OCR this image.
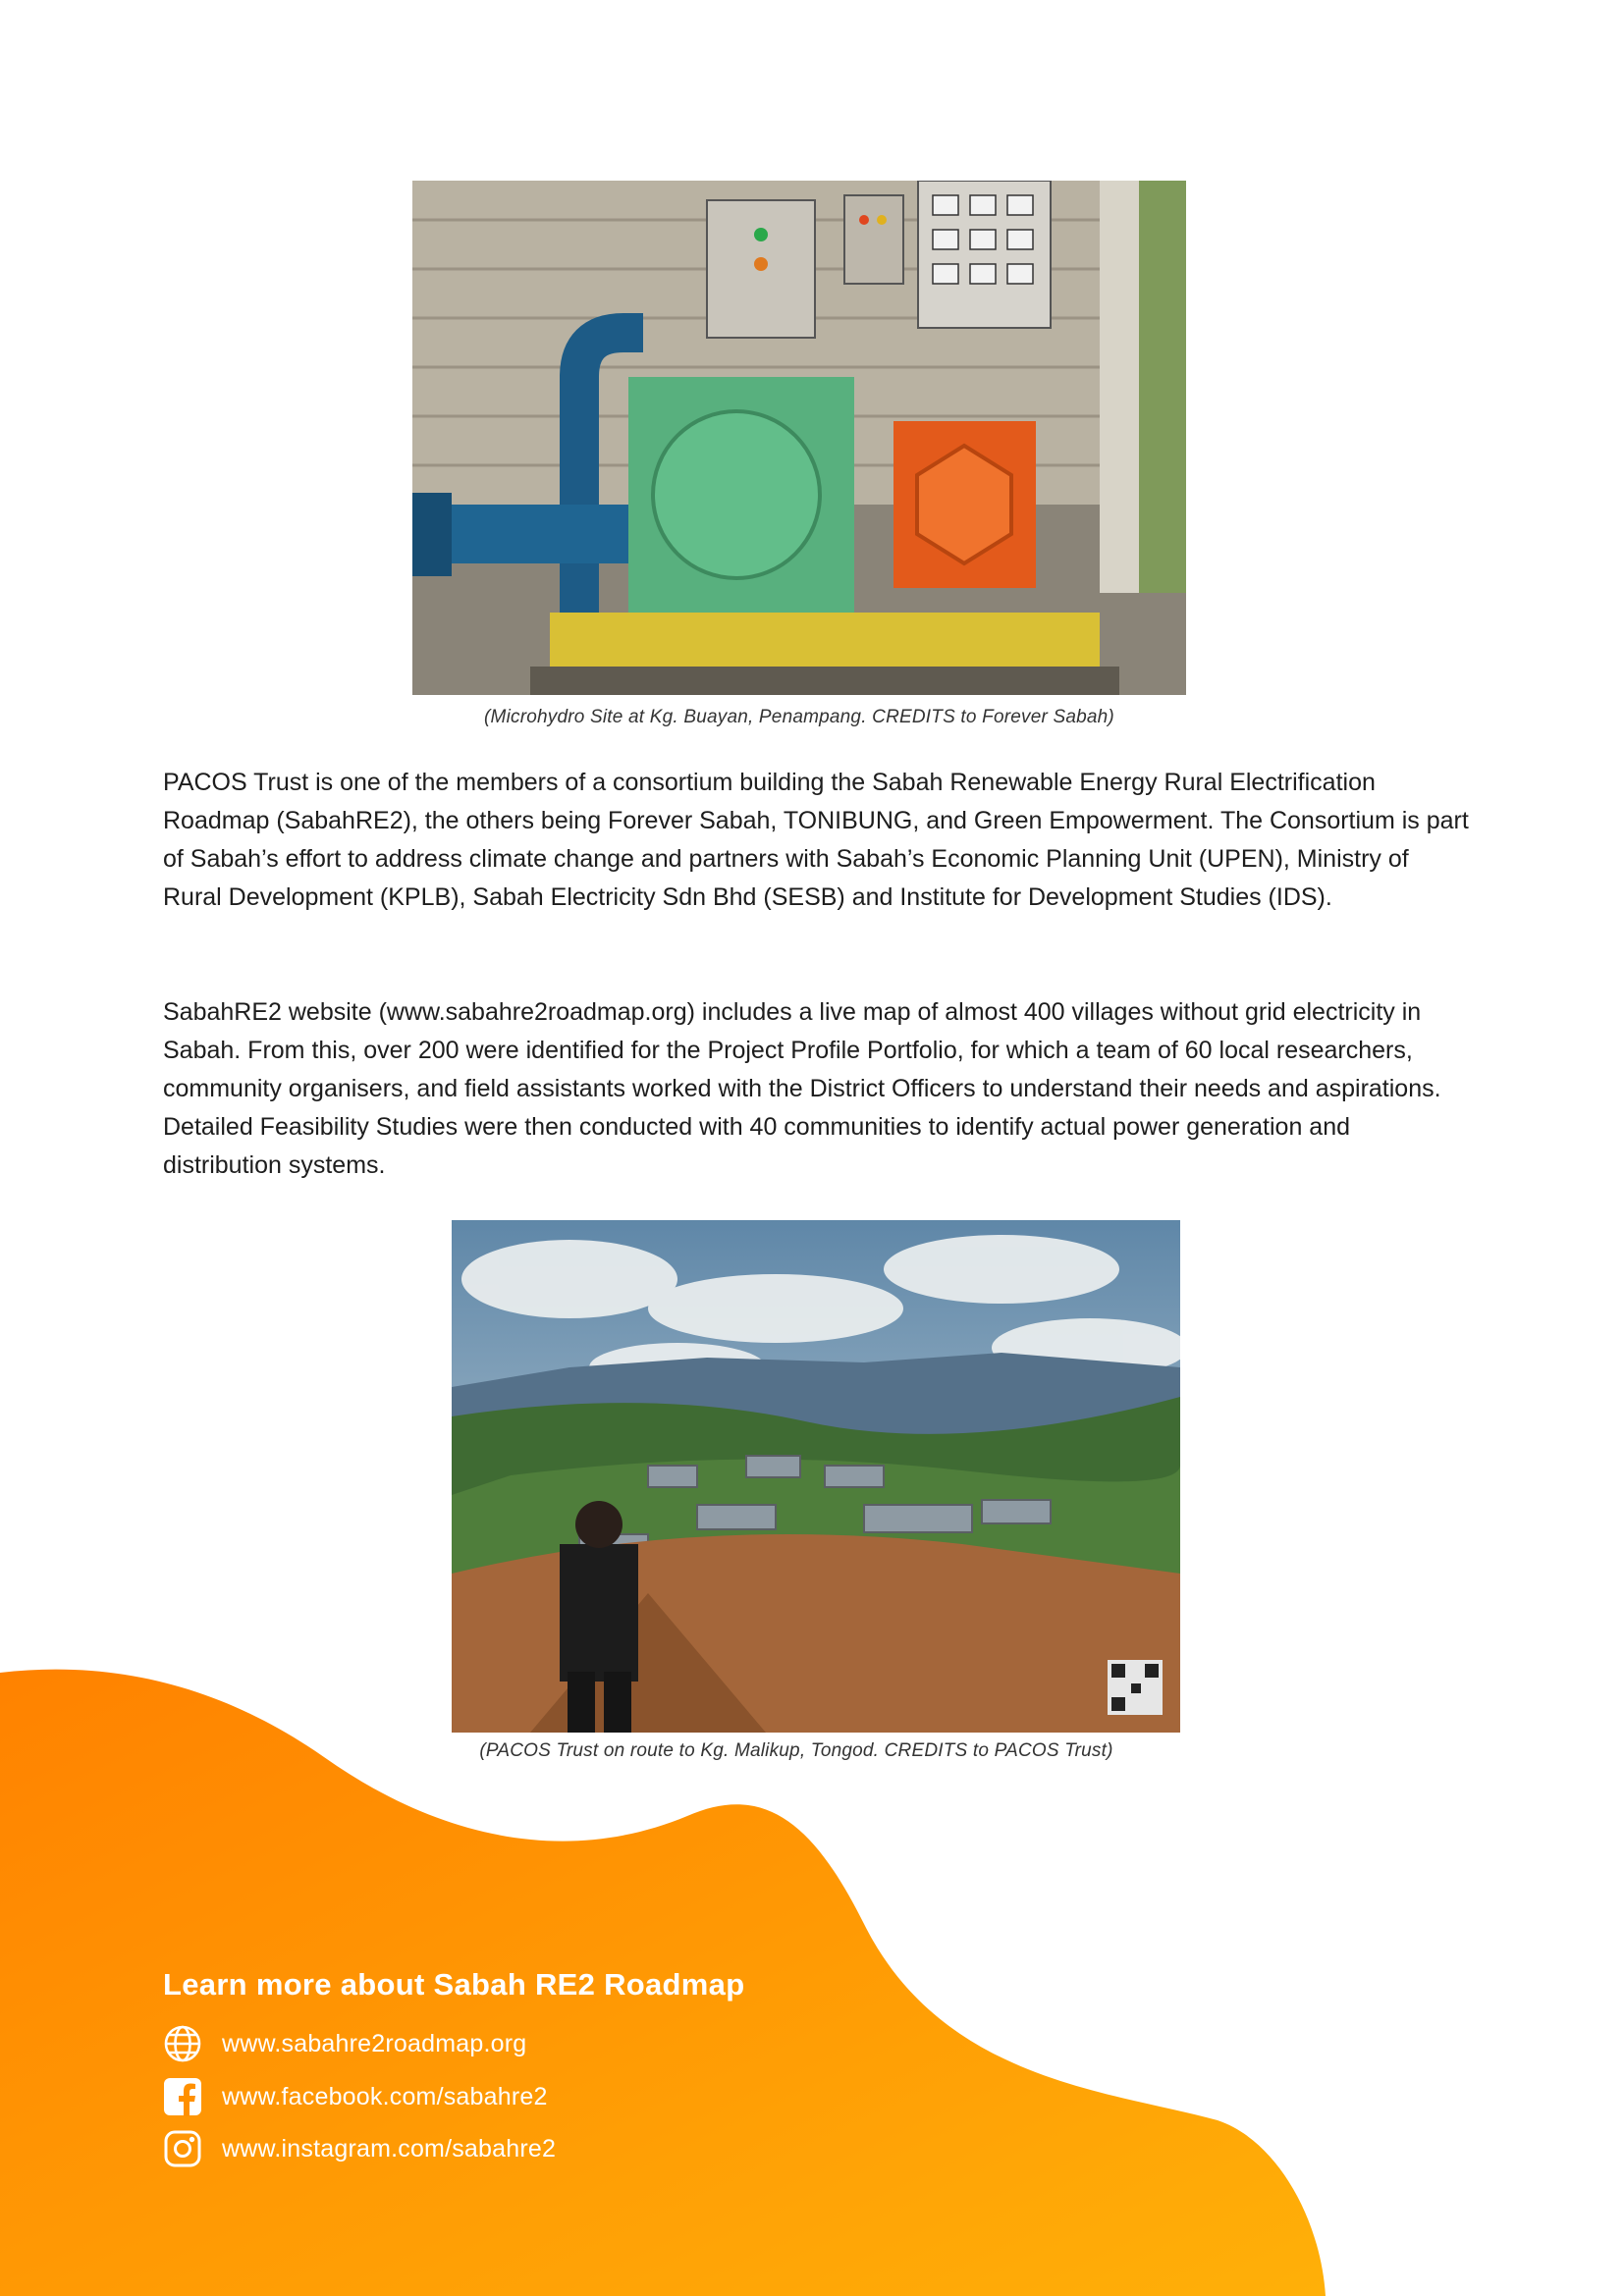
(Microhydro Site at Kg. Buayan, Penampang. CREDITS to Forever Sabah)

PACOS Trust is one of the members of a consortium building the Sabah Renewable Energy Rural Electrification Roadmap (SabahRE2), the others being Forever Sabah, TONIBUNG, and Green Empowerment. The Consortium is part of Sabah’s effort to address climate change and partners with Sabah’s Economic Planning Unit (UPEN), Ministry of Rural Development (KPLB), Sabah Electricity Sdn Bhd (SESB) and Institute for Development Studies (IDS).

SabahRE2 website (www.sabahre2roadmap.org) includes a live map of almost 400 villages without grid electricity in Sabah. From this, over 200 were identified for the Project Profile Portfolio, for which a team of 60 local researchers, community organisers, and field assistants worked with the District Officers to understand their needs and aspirations. Detailed Feasibility Studies were then conducted with 40 communities to identify actual power generation and distribution systems.

(PACOS Trust on route to Kg. Malikup, Tongod. CREDITS to PACOS Trust)
Learn more about Sabah RE2 Roadmap
www.sabahre2roadmap.org
www.facebook.com/sabahre2
www.instagram.com/sabahre2
